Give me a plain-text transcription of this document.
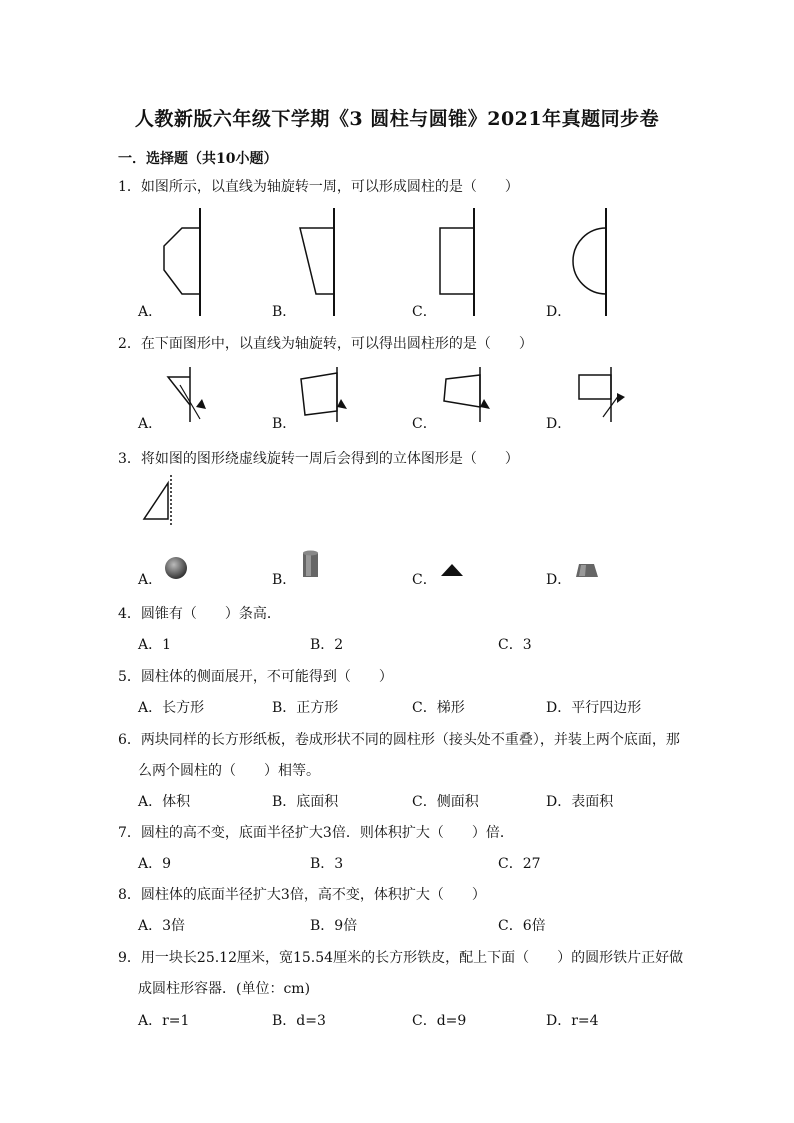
人教新版六年级下学期《3 圆柱与圆锥》2021年真题同步卷
一．选择题（共10小题）
1．如图所示，以直线为轴旋转一周，可以形成圆柱的是（　　）
A．	B．	C．	D．
2．在下面图形中，以直线为轴旋转，可以得出圆柱形的是（　　）
A．	B．	C．	D．
3．将如图的图形绕虚线旋转一周后会得到的立体图形是（　　）
A．	B．	C．	D．
4．圆锥有（　　）条高．
A．1	B．2	C．3
5．圆柱体的侧面展开，不可能得到（　　）
A．长方形	B．正方形	C．梯形	D．平行四边形
6．两块同样的长方形纸板，卷成形状不同的圆柱形（接头处不重叠），并装上两个底面，那
么两个圆柱的（　　）相等。
A．体积	B．底面积	C．侧面积	D．表面积
7．圆柱的高不变，底面半径扩大3倍．则体积扩大（　　）倍．
A．9	B．3	C．27
8．圆柱体的底面半径扩大3倍，高不变，体积扩大（　　）
A．3倍	B．9倍	C．6倍
9．用一块长25.12厘米，宽15.54厘米的长方形铁皮，配上下面（　　）的圆形铁片正好做
成圆柱形容器．(单位：cm)
A．r=1	B．d=3	C．d=9	D．r=4
